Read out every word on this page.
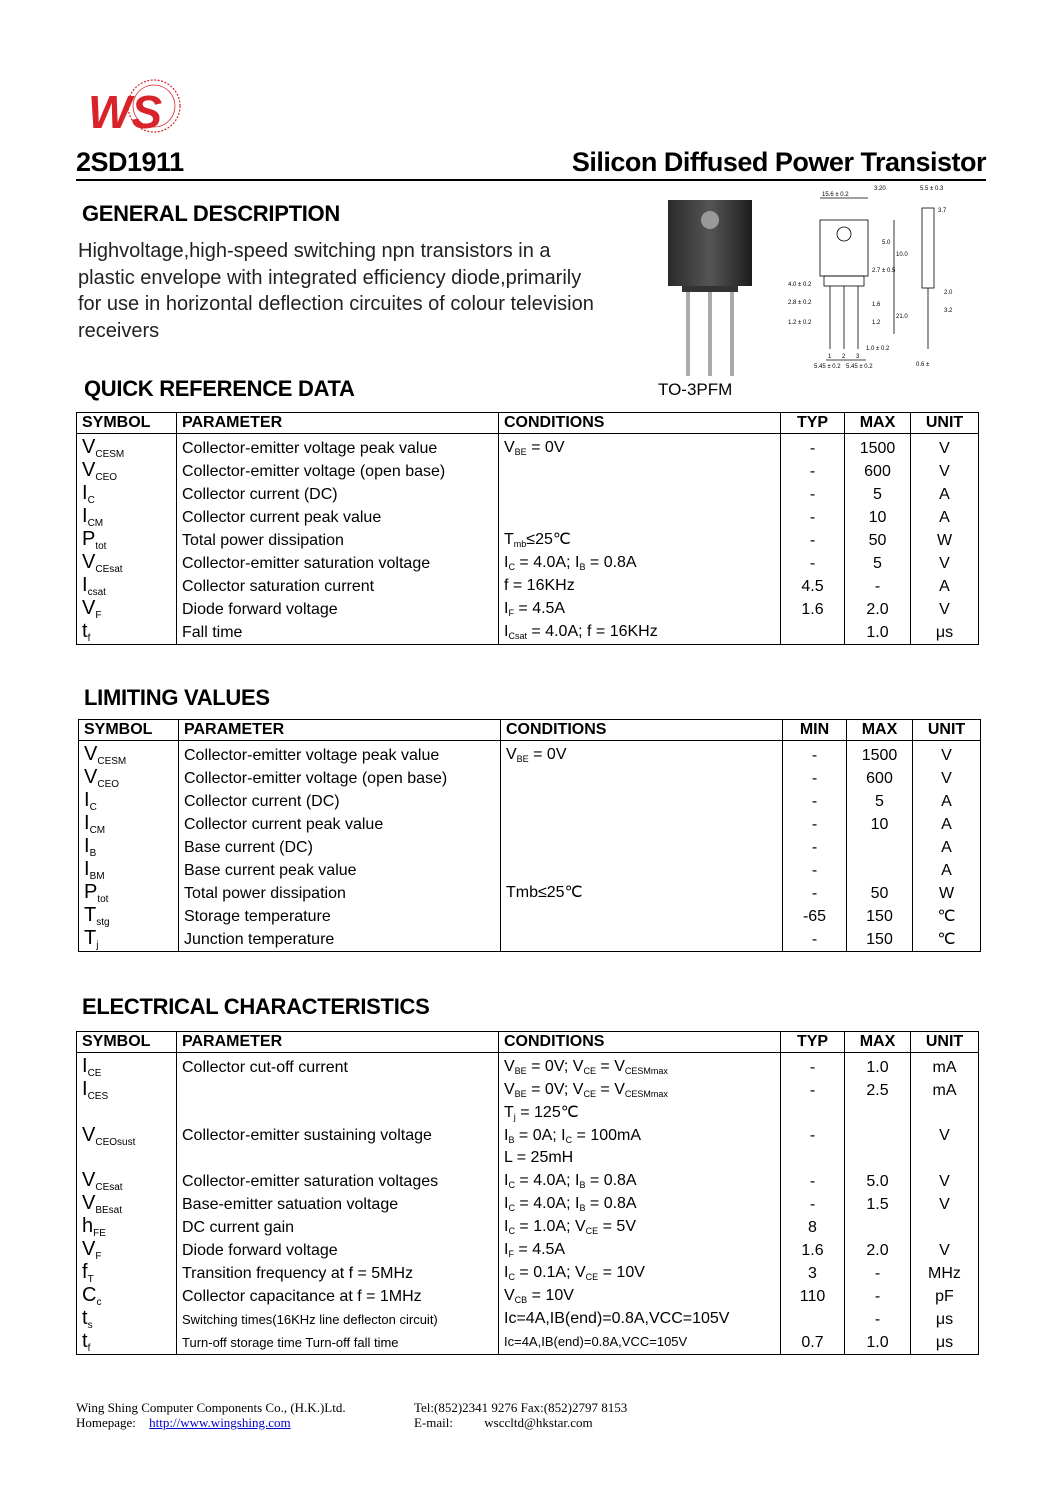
WS
2SD1911	Silicon Diffused Power Transistor
GENERAL DESCRIPTION
Highvoltage,high-speed switching npn transistors in a plastic envelope with integrated efficiency diode,primarily for use in horizontal deflection circuites of colour television receivers
15.6 ± 0.2
3.20	5.5 ± 0.3
3.7
5.0
10.0
4.0 ± 0.2
2.8 ± 0.2	1.6
21.0
1.2 ± 0.2	1.2
1.0 ± 0.2
2.0
3.2
0.6 ±
1 2 3
5.45 ± 0.2 5.45 ± 0.2
2.7 ± 0.5
TO-3PFM
QUICK REFERENCE DATA
SYMBOL	PARAMETER	CONDITIONS	TYP	MAX	UNIT
$V_{CESM}$	Collector-emitter voltage peak value	$V_{BE} = 0V$	-	1500	V
$V_{CEO}$	Collector-emitter voltage (open base)		-	600	V
$I_C$	Collector current (DC)		-	5	A
$I_{CM}$	Collector current peak value		-	10	A
$P_{tot}$	Total power dissipation	$T_{mb}\le 25℃$	-	50	W
$V_{CEsat}$	Collector-emitter saturation voltage	$I_C = 4.0A$; $I_B = 0.8A$	-	5	V
$I_{csat}$	Collector saturation current	f = 16KHz	4.5	-	A
$V_F$	Diode forward voltage	$I_F = 4.5A$	1.6	2.0	V
$t_f$	Fall time	$I_{Csat} = 4.0A$; f = 16KHz		1.0	μs
LIMITING VALUES
SYMBOL	PARAMETER	CONDITIONS	MIN	MAX	UNIT
$V_{CESM}$	Collector-emitter voltage peak value	$V_{BE} = 0V$	-	1500	V
$V_{CEO}$	Collector-emitter voltage (open base)		-	600	V
$I_C$	Collector current (DC)		-	5	A
$I_{CM}$	Collector current peak value		-	10	A
$I_B$	Base current (DC)		-		A
$I_{BM}$	Base current peak value		-		A
$P_{tot}$	Total power dissipation	Tmb≤25℃	-	50	W
$T_{stg}$	Storage temperature		-65	150	℃
$T_j$	Junction temperature		-	150	℃
ELECTRICAL CHARACTERISTICS
SYMBOL	PARAMETER	CONDITIONS	TYP	MAX	UNIT
$I_{CE}$	Collector cut-off current	$V_{BE} = 0V$; $V_{CE} = V_{CESMmax}$	-	1.0	mA
$I_{CES}$		$V_{BE} = 0V$; $V_{CE} = V_{CESMmax}$	-	2.5	mA
		$T_j$ = 125℃			
$V_{CEOsust}$	Collector-emitter sustaining voltage	$I_B = 0A$; $I_C = 100mA$	-		V
		L = 25mH			
$V_{CEsat}$	Collector-emitter saturation voltages	$I_C = 4.0A$; $I_B = 0.8A$	-	5.0	V
$V_{BEsat}$	Base-emitter satuation voltage	$I_C = 4.0A$; $I_B = 0.8A$	-	1.5	V
$h_{FE}$	DC current gain	$I_C = 1.0A$; $V_{CE} = 5V$	8		
$V_F$	Diode forward voltage	$I_F = 4.5A$	1.6	2.0	V
$f_T$	Transition frequency at f = 5MHz	$I_C = 0.1A$; $V_{CE} = 10V$	3	-	MHz
$C_c$	Collector capacitance at f = 1MHz	$V_{CB} = 10V$	110	-	pF
$t_s$	Switching times(16KHz line deflecton circuit)	Ic=4A,IB(end)=0.8A,VCC=105V		-	μs
$t_f$	Turn-off storage time Turn-off fall time	Ic=4A,IB(end)=0.8A,VCC=105V	0.7	1.0	μs
Wing Shing Computer Components Co., (H.K.)Ltd.	Tel:(852)2341 9276 Fax:(852)2797 8153
Homepage: http://www.wingshing.com	E-mail: wsccltd@hkstar.com
